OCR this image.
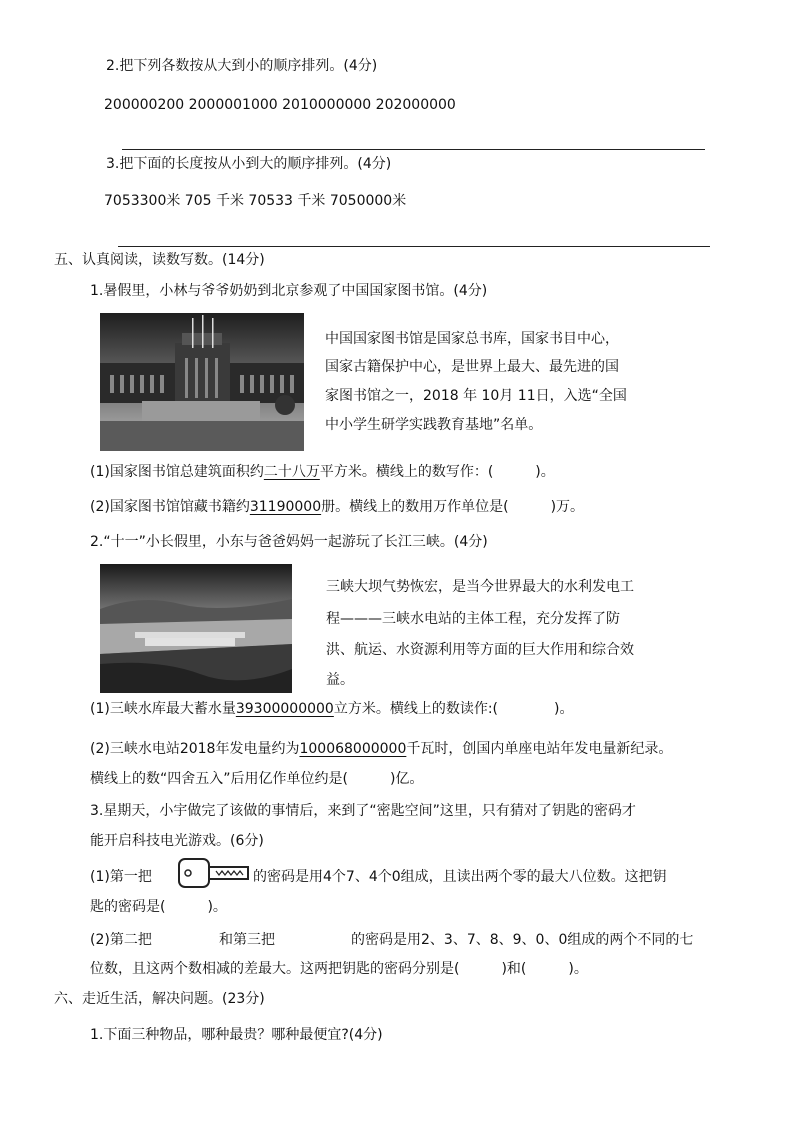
2.把下列各数按从大到小的顺序排列。(4分)
200000200 2000001000 2010000000 202000000
3.把下面的长度按从小到大的顺序排列。(4分)
7053300米 705 千米 70533 千米 7050000米
五、认真阅读，读数写数。(14分)
1.暑假里，小林与爷爷奶奶到北京参观了中国国家图书馆。(4分)
中国国家图书馆是国家总书库，国家书目中心，
国家古籍保护中心，是世界上最大、最先进的国
家图书馆之一，2018 年 10月 11日，入选“全国
中小学生研学实践教育基地”名单。
(1)国家图书馆总建筑面积约二十八万平方米。横线上的数写作：(　　　)。
(2)国家图书馆馆藏书籍约31190000册。横线上的数用万作单位是(　　　)万。
2.“十一”小长假里，小东与爸爸妈妈一起游玩了长江三峡。(4分)
三峡大坝气势恢宏，是当今世界最大的水利发电工
程———三峡水电站的主体工程，充分发挥了防
洪、航运、水资源利用等方面的巨大作用和综合效
益。
(1)三峡水库最大蓄水量39300000000立方米。横线上的数读作:(　　　　)。
(2)三峡水电站2018年发电量约为100068000000千瓦时，创国内单座电站年发电量新纪录。
横线上的数“四舍五入”后用亿作单位约是(　　　)亿。
3.星期天，小宇做完了该做的事情后，来到了“密匙空间”这里，只有猜对了钥匙的密码才
能开启科技电光游戏。(6分)
(1)第一把	的密码是用4个7、4个0组成，且读出两个零的最大八位数。这把钥
匙的密码是(　　　)。
(2)第二把	和第三把	的密码是用2、3、7、8、9、0、0组成的两个不同的七
位数，且这两个数相减的差最大。这两把钥匙的密码分别是(　　　)和(　　　)。
六、走近生活，解决问题。(23分)
1.下面三种物品，哪种最贵？哪种最便宜?(4分)
